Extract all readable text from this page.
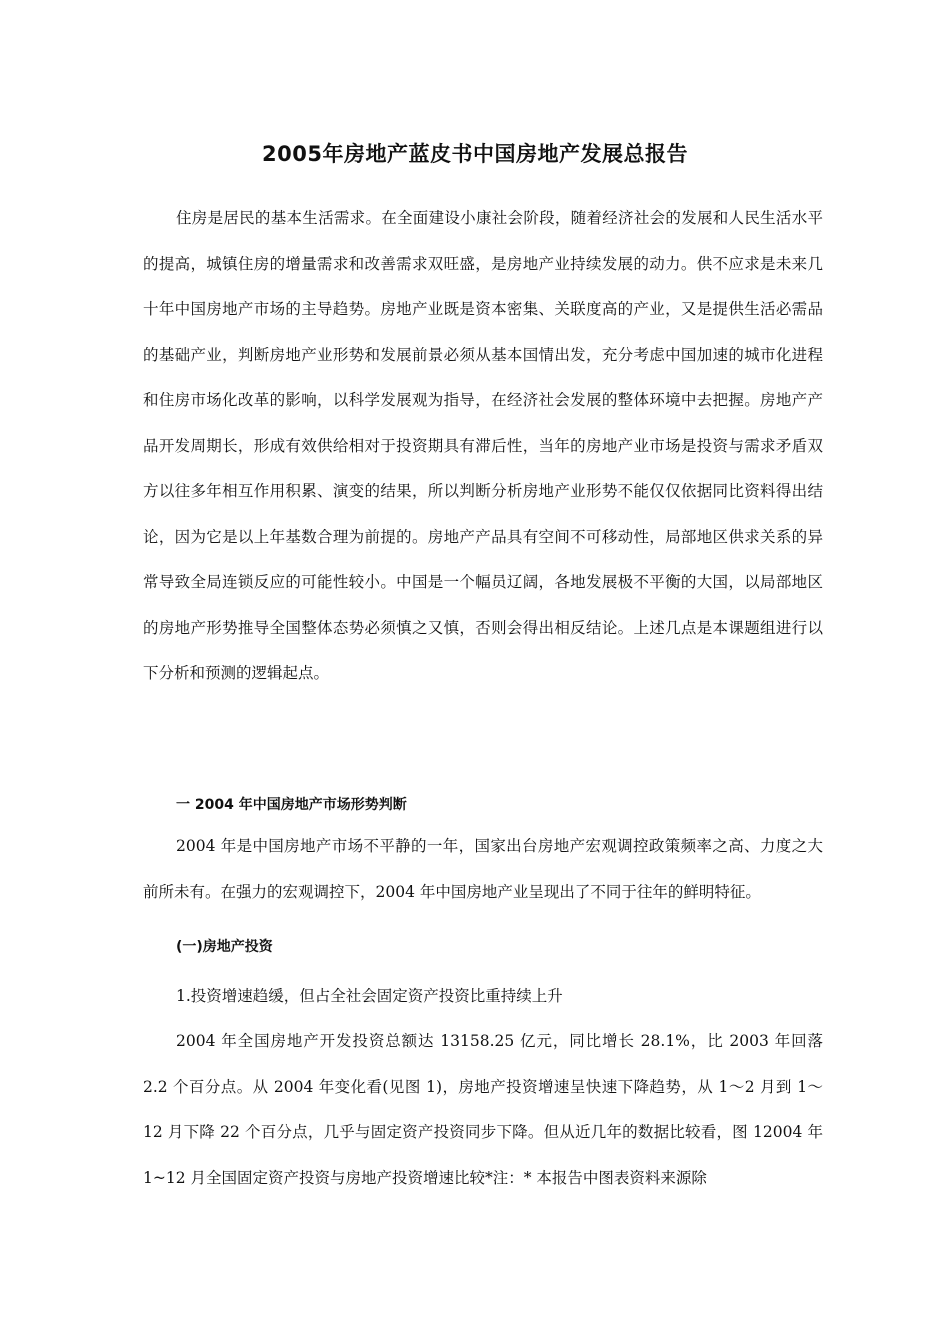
2005年房地产蓝皮书中国房地产发展总报告

住房是居民的基本生活需求。在全面建设小康社会阶段，随着经济社会的发展和人民生活水平的提高，城镇住房的增量需求和改善需求双旺盛，是房地产业持续发展的动力。供不应求是未来几十年中国房地产市场的主导趋势。房地产业既是资本密集、关联度高的产业，又是提供生活必需品的基础产业，判断房地产业形势和发展前景必须从基本国情出发，充分考虑中国加速的城市化进程和住房市场化改革的影响，以科学发展观为指导，在经济社会发展的整体环境中去把握。房地产产品开发周期长，形成有效供给相对于投资期具有滞后性，当年的房地产业市场是投资与需求矛盾双方以往多年相互作用积累、演变的结果，所以判断分析房地产业形势不能仅仅依据同比资料得出结论，因为它是以上年基数合理为前提的。房地产产品具有空间不可移动性，局部地区供求关系的异常导致全局连锁反应的可能性较小。中国是一个幅员辽阔，各地发展极不平衡的大国，以局部地区的房地产形势推导全国整体态势必须慎之又慎，否则会得出相反结论。上述几点是本课题组进行以下分析和预测的逻辑起点。

一 2004 年中国房地产市场形势判断

2004 年是中国房地产市场不平静的一年，国家出台房地产宏观调控政策频率之高、力度之大前所未有。在强力的宏观调控下，2004 年中国房地产业呈现出了不同于往年的鲜明特征。

(一)房地产投资

1.投资增速趋缓，但占全社会固定资产投资比重持续上升

2004 年全国房地产开发投资总额达 13158.25 亿元，同比增长 28.1%，比 2003 年回落 2.2 个百分点。从 2004 年变化看(见图 1)，房地产投资增速呈快速下降趋势，从 1～2 月到 1～12 月下降 22 个百分点，几乎与固定资产投资同步下降。但从近几年的数据比较看，图 12004 年 1~12 月全国固定资产投资与房地产投资增速比较*注：* 本报告中图表资料来源除
